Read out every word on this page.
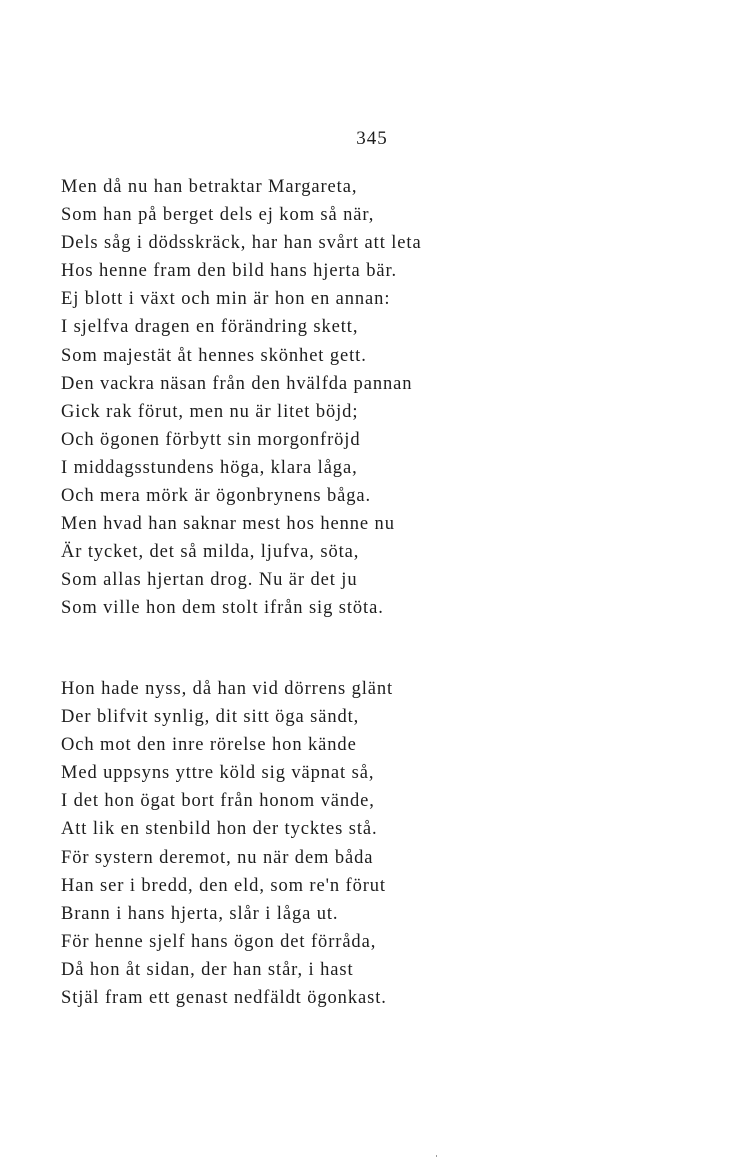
345
Men då nu han betraktar Margareta,
Som han på berget dels ej kom så när,
Dels såg i dödsskräck, har han svårt att leta
Hos henne fram den bild hans hjerta bär.
Ej blott i växt och min är hon en annan:
I sjelfva dragen en förändring skett,
Som majestät åt hennes skönhet gett.
Den vackra näsan från den hvälfda pannan
Gick rak förut, men nu är litet böjd;
Och ögonen förbytt sin morgonfröjd
I middagsstundens höga, klara låga,
Och mera mörk är ögonbrynens båga.
Men hvad han saknar mest hos henne nu
Är tycket, det så milda, ljufva, söta,
Som allas hjertan drog. Nu är det ju
Som ville hon dem stolt ifrån sig stöta.
Hon hade nyss, då han vid dörrens glänt
Der blifvit synlig, dit sitt öga sändt,
Och mot den inre rörelse hon kände
Med uppsyns yttre köld sig väpnat så,
I det hon ögat bort från honom vände,
Att lik en stenbild hon der tycktes stå.
För systern deremot, nu när dem båda
Han ser i bredd, den eld, som re'n förut
Brann i hans hjerta, slår i låga ut.
För henne sjelf hans ögon det förråda,
Då hon åt sidan, der han står, i hast
Stjäl fram ett genast nedfäldt ögonkast.
